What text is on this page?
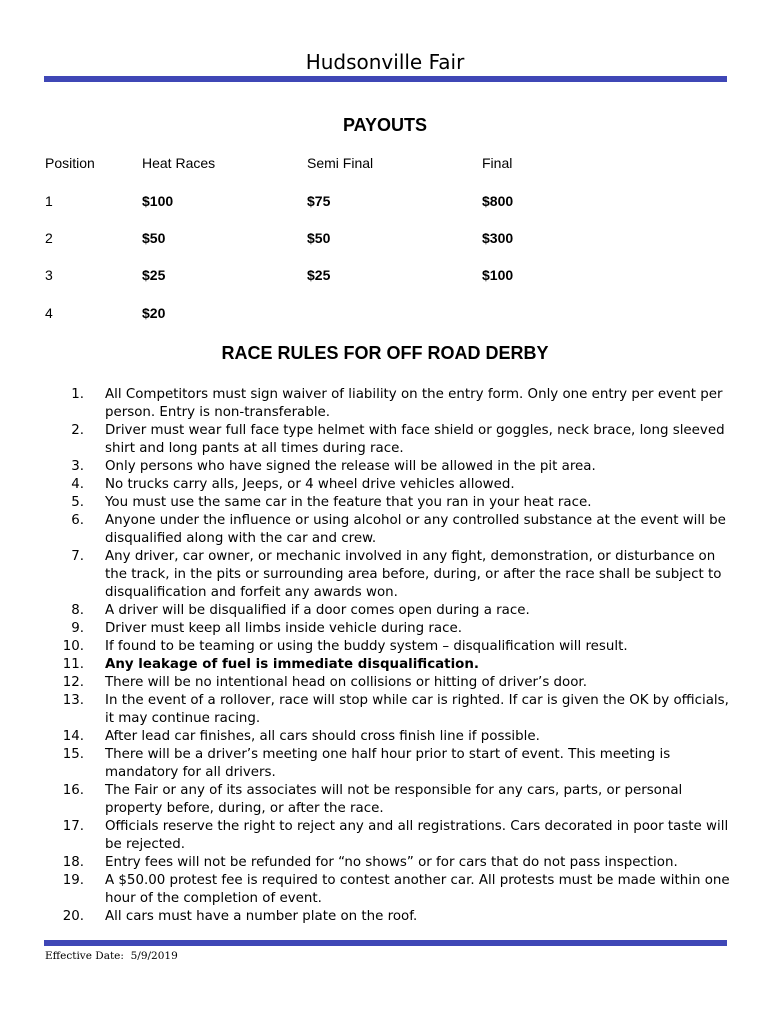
Hudsonville Fair
PAYOUTS
Position	Heat Races	Semi Final	Final
1	$100	$75	$800
2	$50	$50	$300
3	$25	$25	$100
4	$20
RACE RULES FOR OFF ROAD DERBY
1. All Competitors must sign waiver of liability on the entry form. Only one entry per event per person. Entry is non-transferable.
2. Driver must wear full face type helmet with face shield or goggles, neck brace, long sleeved shirt and long pants at all times during race.
3. Only persons who have signed the release will be allowed in the pit area.
4. No trucks carry alls, Jeeps, or 4 wheel drive vehicles allowed.
5. You must use the same car in the feature that you ran in your heat race.
6. Anyone under the influence or using alcohol or any controlled substance at the event will be disqualified along with the car and crew.
7. Any driver, car owner, or mechanic involved in any fight, demonstration, or disturbance on the track, in the pits or surrounding area before, during, or after the race shall be subject to disqualification and forfeit any awards won.
8. A driver will be disqualified if a door comes open during a race.
9. Driver must keep all limbs inside vehicle during race.
10. If found to be teaming or using the buddy system – disqualification will result.
11. Any leakage of fuel is immediate disqualification.
12. There will be no intentional head on collisions or hitting of driver’s door.
13. In the event of a rollover, race will stop while car is righted. If car is given the OK by officials, it may continue racing.
14. After lead car finishes, all cars should cross finish line if possible.
15. There will be a driver’s meeting one half hour prior to start of event. This meeting is mandatory for all drivers.
16. The Fair or any of its associates will not be responsible for any cars, parts, or personal property before, during, or after the race.
17. Officials reserve the right to reject any and all registrations. Cars decorated in poor taste will be rejected.
18. Entry fees will not be refunded for “no shows” or for cars that do not pass inspection.
19. A $50.00 protest fee is required to contest another car. All protests must be made within one hour of the completion of event.
20. All cars must have a number plate on the roof.
Effective Date:  5/9/2019
